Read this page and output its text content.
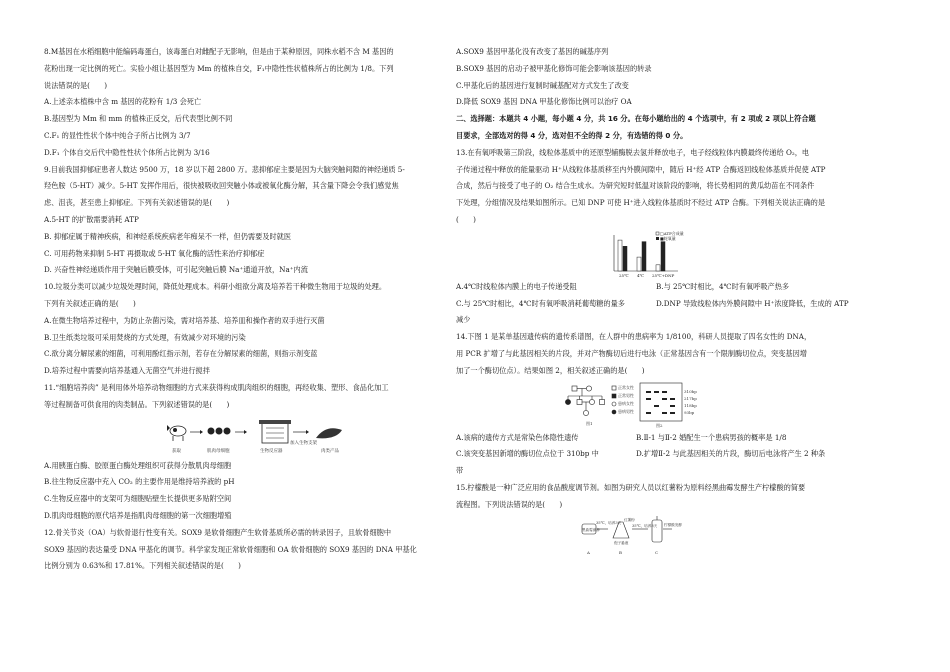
8.M基因在水稻细胞中能编码毒蛋白，该毒蛋白对雌配子无影响，但是由于某种原因，同株水稻不含 M 基因的

花粉出现一定比例的死亡。实验小组让基因型为 Mm 的植株自交，F₁中隐性性状植株所占的比例为 1/8。下列

说法错误的是(　　)

A.上述亲本植株中含 m 基因的花粉有 1/3 会死亡

B.基因型为 Mm 和 mm 的植株正反交，后代表型比例不同

C.F₁ 的显性性状个体中纯合子所占比例为 3/7

D.F₁ 个体自交后代中隐性性状个体所占比例为 3/16

9.目前我国抑郁症患者人数达 9500 万，18 岁以下超 2800 万。悲抑郁症主要是因为大脑突触间隙的神经递质 5-

羟色胺（5-HT）减少。5-HT 发挥作用后，很快被吸收回突触小体或被氧化酶分解，其含量下降会令我们感觉焦

虑、沮丧，甚至患上抑郁症。下列有关叙述错误的是(　　)

A.5-HT 的扩散需要消耗 ATP

B. 抑郁症属于精神疾病，和神经系统疾病老年痴呆不一样，但仍需要及时就医

C. 可用药物来抑制 5-HT 再摄取或 5-HT 氧化酶的活性来治疗抑郁症

D. 兴奋性神经递质作用于突触后膜受体，可引起突触后膜 Na⁺通道开放，Na⁺内流

10.垃圾分类可以减少垃圾处理时间，降低处理成本。科研小组欲分离及培养若干种微生物用于垃圾的处理。

下列有关叙述正确的是(　　)

A.在微生物培养过程中，为防止杂菌污染，需对培养基、培养皿和操作者的双手进行灭菌

B.卫生纸类垃圾可采用焚烧的方式处理，有效减少对环境的污染

C.欲分离分解尿素的细菌，可利用酚红指示剂，若存在分解尿素的细菌，则指示剂变蓝

D.培养过程中需要向培养基通入无菌空气并进行搅拌

11.“细胞培养肉” 是利用体外培养动物细胞的方式来获得构成肌肉组织的细胞，再经收集、塑形、食品化加工

等过程制备可供食用的肉类制品。下列叙述错误的是(　　)

获取	肌肉母细胞	生物反应器
加入生物支架
肉类产品

A.用胰蛋白酶、胶原蛋白酶处理组织可获得分散肌肉母细胞

B.往生物反应器中充入 CO₂ 的主要作用是维持培养液的 pH

C.生物反应器中的支架可为细胞贴壁生长提供更多贴附空间

D.肌肉母细胞的原代培养是指肌肉母细胞的第一次细胞增殖

12.骨关节炎（OA）与软骨退行性变有关。SOX9 是软骨细胞产生软骨基质所必需的转录因子，且软骨细胞中

SOX9 基因的表达量受 DNA 甲基化的调节。科学家发现正常软骨细胞和 OA 软骨细胞的 SOX9 基因的 DNA 甲基化

比例分别为 0.63%和 17.81%。下列相关叙述错误的是(　　)

A.SOX9 基因甲基化没有改变了基因的碱基序列

B.SOX9 基因的启动子被甲基化修饰可能会影响该基因的转录

C.甲基化后的基因进行复制时碱基配对方式发生了改变

D.降低 SOX9 基因 DNA 甲基化修饰比例可以治疗 OA

二、选择题：本题共 4 小题，每小题 4 分，共 16 分。在每小题给出的 4 个选项中，有 2 项或 2 项以上符合题

目要求，全部选对的得 4 分，选对但不全的得 2 分，有选错的得 0 分。

13.在有氧呼吸第三阶段，线粒体基质中的还原型辅酶脱去氢并释放电子，电子经线粒体内膜最终传递给 O₂，电

子传递过程中释放的能量驱动 H⁺从线粒体基质移至内外膜间隙中，随后 H⁺经 ATP 合酶返回线粒体基质并促使 ATP

合成，然后与接受了电子的 O₂ 结合生成水。为研究短时低温对该阶段的影响，将长势相同的黄瓜幼苗在不同条件

下处理，分组情况及结果如图所示。已知 DNP 可使 H⁺进入线粒体基质时不经过 ATP 合酶。下列相关说法正确的是

(　　)

□ATP合成量
■耗氧量
25℃ 4℃ 25℃+DNP
A.4℃时线粒体内膜上的电子传递受阻	B.与 25℃时相比，4℃时有氧呼吸产热多
C.与 25℃时相比，4℃时有氧呼吸消耗葡萄糖的量多	D.DNP 导致线粒体内外膜间隙中 H⁺浓度降低，生成的 ATP

减少

14.下图 1 是某单基因遗传病的遗传系谱图，在人群中的患病率为 1/8100，科研人员提取了四名女性的 DNA，

用 PCR 扩增了与此基因相关的片段，并对产物酶切后进行电泳（正常基因含有一个限制酶切位点，突变基因增

加了一个酶切位点）。结果如图 2，相关叙述正确的是(　　)

正常女性
正常男性
患病女性
患病男性
图1
310bp
217bp
118bp
93bp
图2
A.该病的遗传方式是常染色体隐性遗传	B.Ⅱ-1 与Ⅱ-2 婚配生一个患病男孩的概率是 1/8
C.该突变基因新增的酶切位点位于 310bp 中	D.扩增Ⅱ-2 与此基因相关的片段，酶切后电泳将产生 2 种条

带

15.柠檬酸是一种广泛应用的食品酸度调节剂。如图为研究人员以红薯粉为原料经黑曲霉发酵生产柠檬酸的简要

流程图。下列说法错误的是(　　)

黑曲霉菌种
35℃，培养3天
孢子悬液
红薯粉
35℃，培养3天 柠檬酸发酵
A	B	C
